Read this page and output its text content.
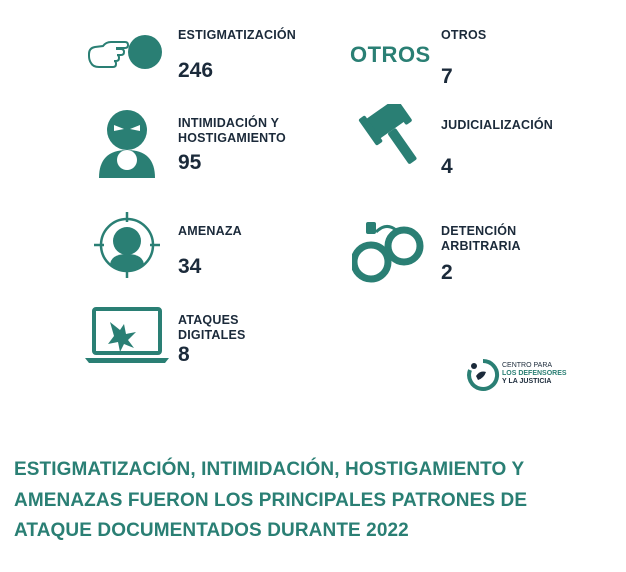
ESTIGMATIZACIÓN
246
OTROS
OTROS
7
INTIMIDACIÓN Y
HOSTIGAMIENTO
95
JUDICIALIZACIÓN
4
AMENAZA
34
DETENCIÓN
ARBITRARIA
2
ATAQUES
DIGITALES
8	CENTRO PARA
LOS DEFENSORES
Y LA JUSTICIA
ESTIGMATIZACIÓN, INTIMIDACIÓN, HOSTIGAMIENTO Y
AMENAZAS FUERON LOS PRINCIPALES PATRONES DE
ATAQUE DOCUMENTADOS DURANTE 2022
